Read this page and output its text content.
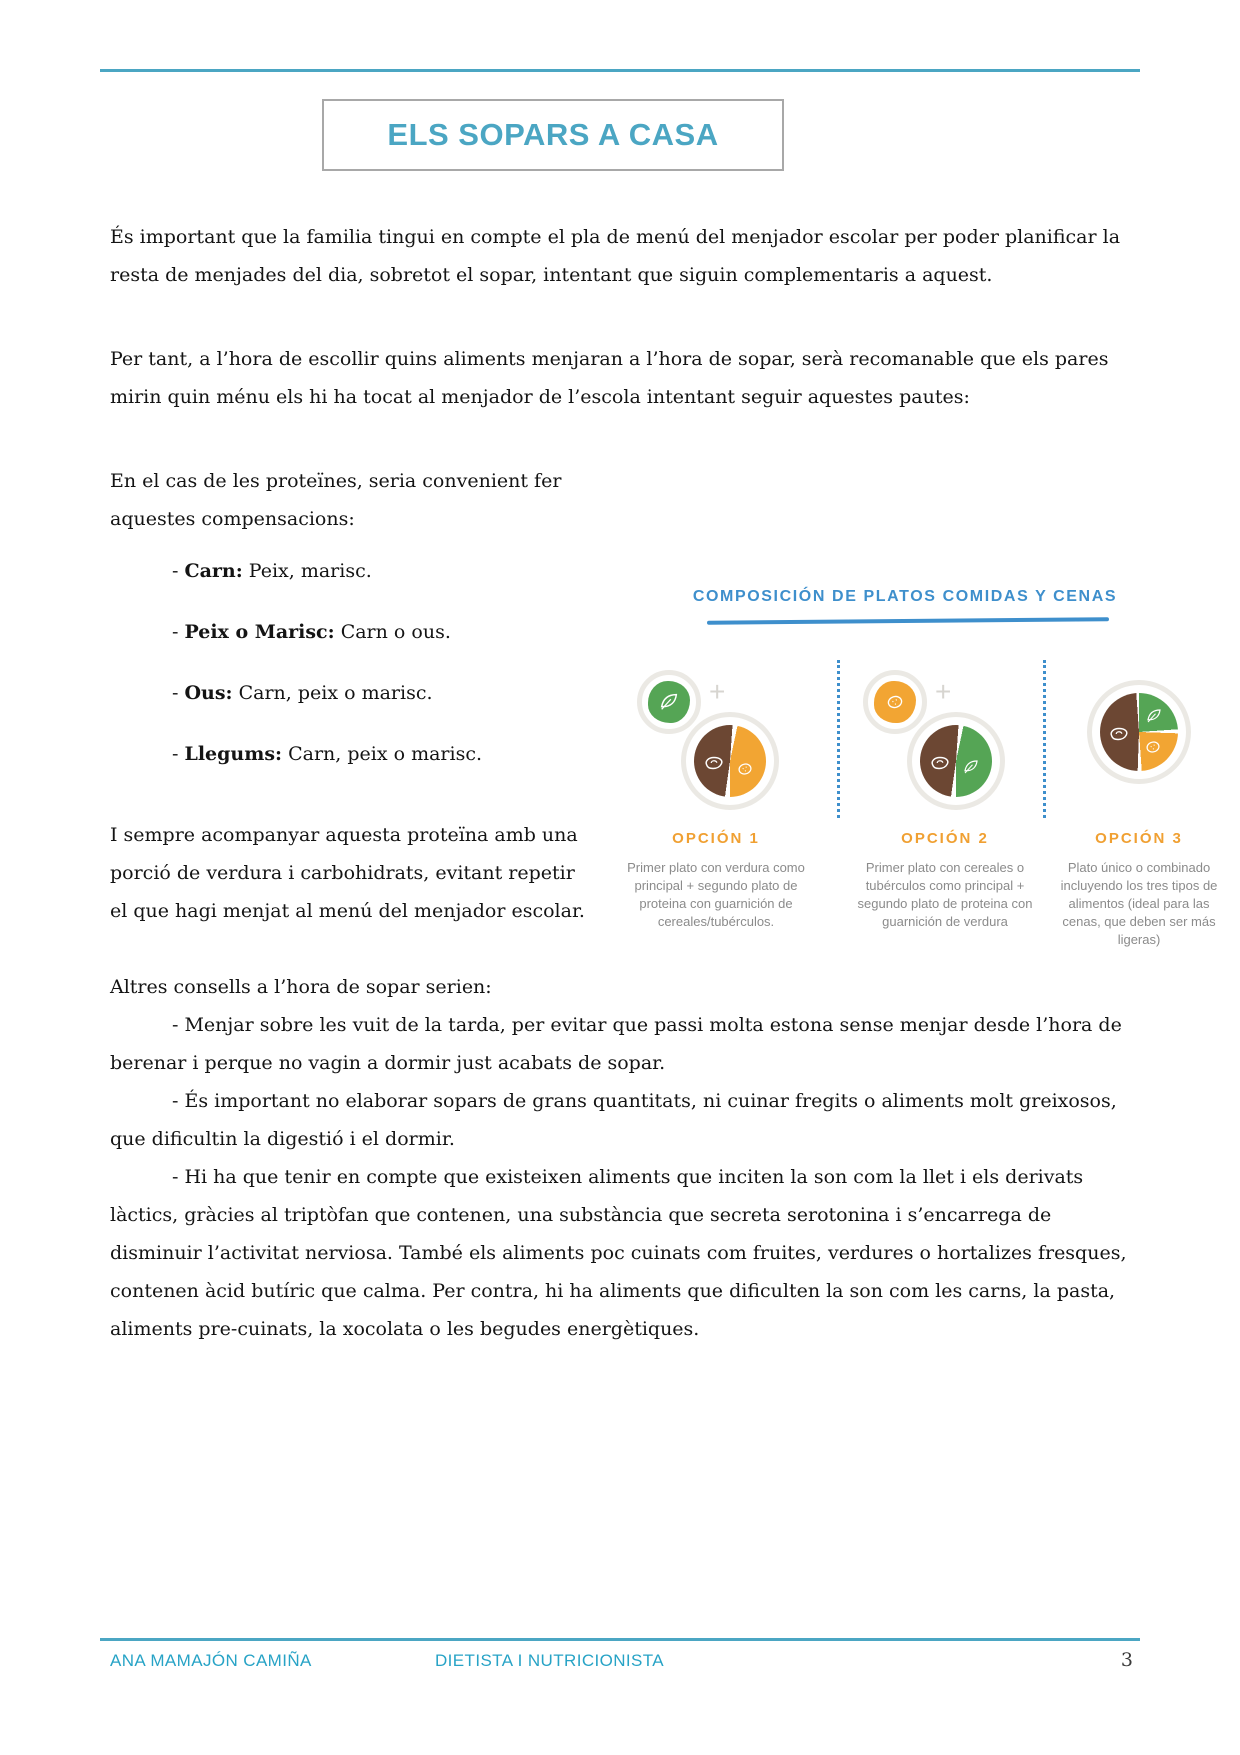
ELS SOPARS A CASA
És important que la familia tingui en compte el pla de menú del menjador escolar per poder planificar la resta de menjades del dia, sobretot el sopar, intentant que siguin complementaris a aquest.
Per tant, a l’hora de escollir quins aliments menjaran a l’hora de sopar, serà recomanable que els pares mirin quin ménu els hi ha tocat al menjador de l’escola intentant seguir aquestes pautes:
En el cas de les proteïnes, seria convenient fer aquestes compensacions:
- Carn: Peix, marisc.
- Peix o Marisc: Carn o ous.
- Ous: Carn, peix o marisc.
- Llegums: Carn, peix o marisc.
COMPOSICIÓN DE PLATOS COMIDAS Y CENAS
+
OPCIÓN 1
Primer plato con verdura como principal + segundo plato de proteina con guarnición de cereales/tubérculos.
+
OPCIÓN 2
Primer plato con cereales o tubérculos como principal + segundo plato de proteina con guarnición de verdura
OPCIÓN 3
Plato único o combinado incluyendo los tres tipos de alimentos (ideal para las cenas, que deben ser más ligeras)
I sempre acompanyar aquesta proteïna amb una porció de verdura i carbohidrats, evitant repetir el que hagi menjat al menú del menjador escolar.

Altres consells a l’hora de sopar serien:

- Menjar sobre les vuit de la tarda, per evitar que passi molta estona sense menjar desde l’hora de berenar i perque no vagin a dormir just acabats de sopar.

- És important no elaborar sopars de grans quantitats, ni cuinar fregits o aliments molt greixosos, que dificultin la digestió i el dormir.

- Hi ha que tenir en compte que existeixen aliments que inciten la son com la llet i els derivats làctics, gràcies al triptòfan que contenen, una substància que secreta serotonina i s’encarrega de disminuir l’activitat nerviosa. També els aliments poc cuinats com fruites, verdures o hortalizes fresques, contenen àcid butíric que calma. Per contra, hi ha aliments que dificulten la son com les carns, la pasta, aliments pre-cuinats, la xocolata o les begudes energètiques.

ANA MAMAJÓN CAMIÑA	DIETISTA I NUTRICIONISTA	3
